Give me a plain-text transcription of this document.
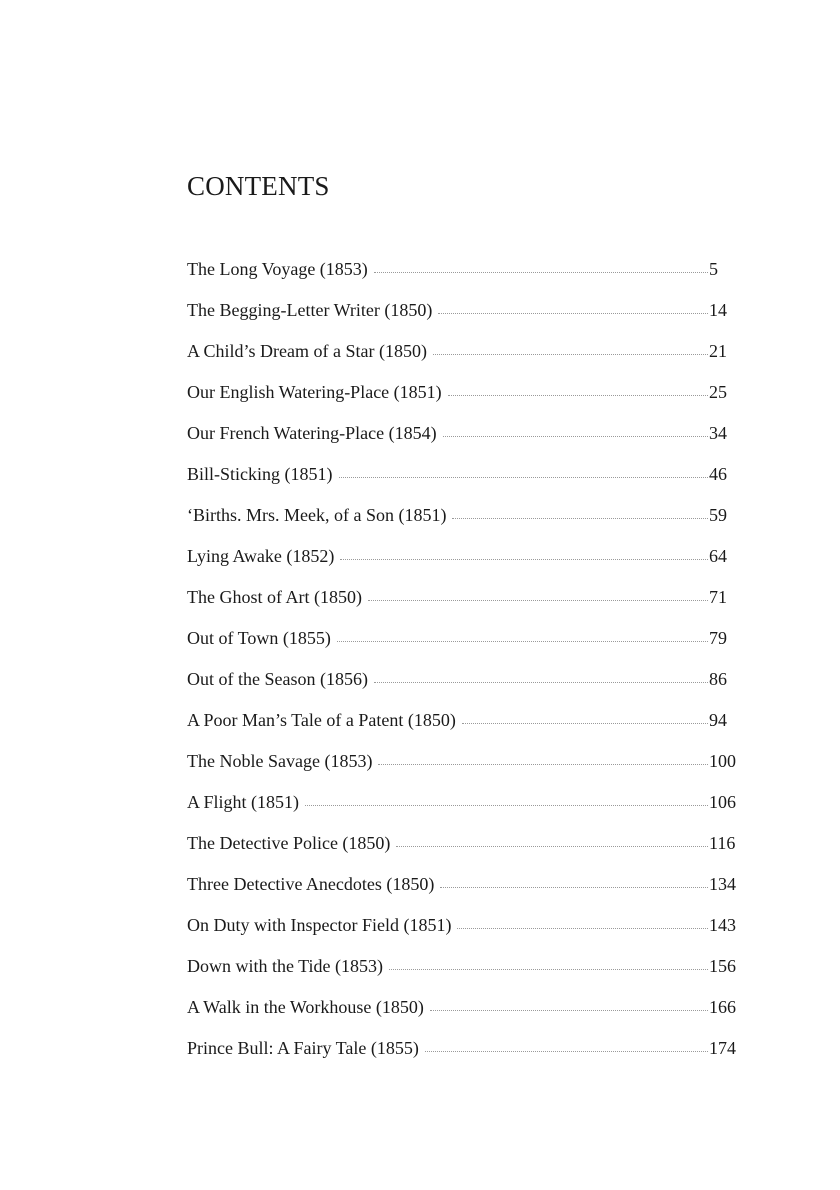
CONTENTS
The Long Voyage (1853)	5
The Begging-Letter Writer (1850)	14
A Child’s Dream of a Star (1850)	21
Our English Watering-Place (1851)	25
Our French Watering-Place (1854)	34
Bill-Sticking (1851)	46
‘Births. Mrs. Meek, of a Son (1851)	59
Lying Awake (1852)	64
The Ghost of Art (1850)	71
Out of Town (1855)	79
Out of the Season (1856)	86
A Poor Man’s Tale of a Patent (1850)	94
The Noble Savage (1853)	100
A Flight (1851)	106
The Detective Police (1850)	116
Three Detective Anecdotes (1850)	134
On Duty with Inspector Field (1851)	143
Down with the Tide (1853)	156
A Walk in the Workhouse (1850)	166
Prince Bull: A Fairy Tale (1855)	174
